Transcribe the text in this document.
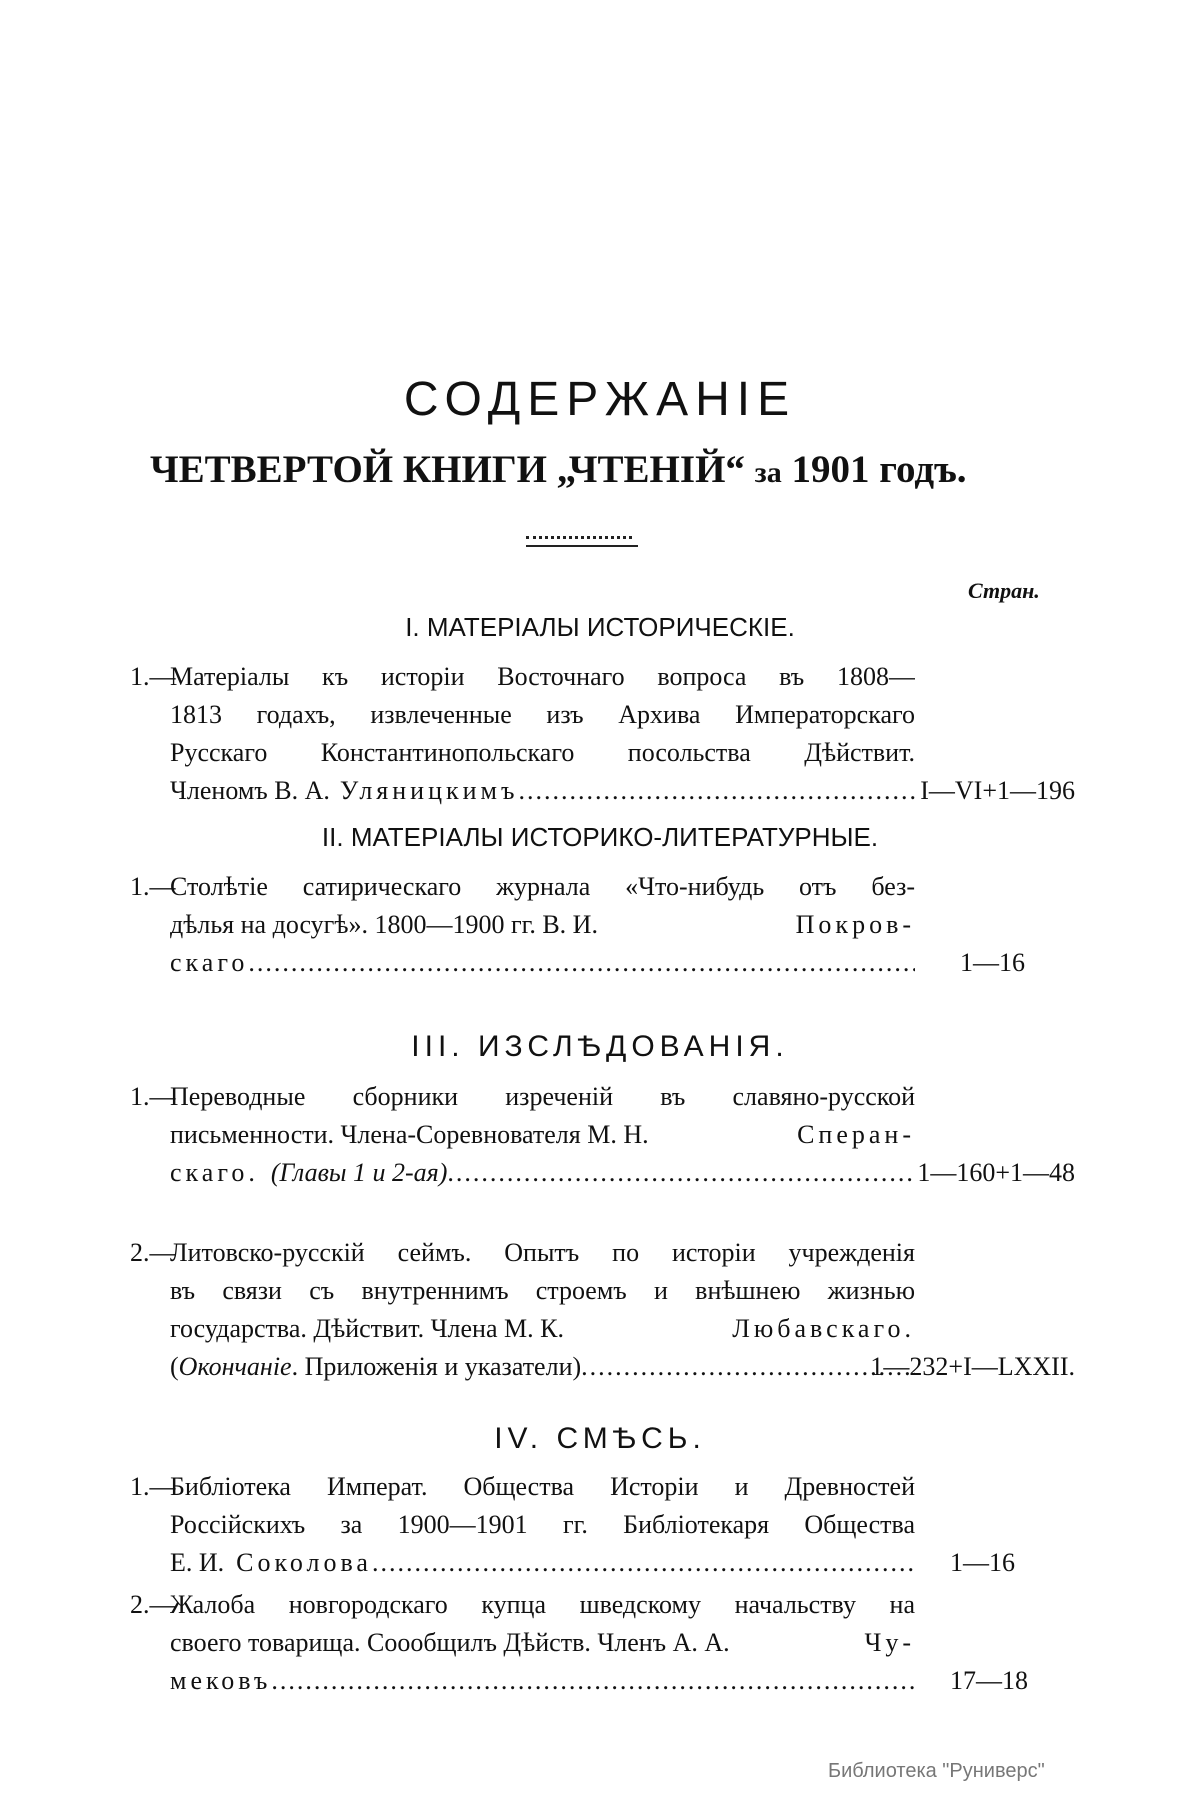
СОДЕРЖАНІЕ
ЧЕТВЕРТОЙ КНИГИ „ЧТЕНІЙ“ за 1901 годъ.
Стран.
I. МАТЕРІАЛЫ ИСТОРИЧЕСКІЕ.
1.—
Матеріалы къ исторіи Восточнаго вопроса въ 1808—
1813 годахъ, извлеченные изъ Архива Императорскаго
Русскаго Константинопольскаго посольства Дѣйствит.
Членомъ В. А. Уляницкимъ .....	I—VI+1—196
II. МАТЕРІАЛЫ ИСТОРИКО-ЛИТЕРАТУРНЫЕ.
1.—
Столѣтіе сатирическаго журнала «Что-нибудь отъ без-
дѣлья на досугѣ». 1800—1900 гг. В. И.	Покров-
скаго .....	1—16
III. ИЗСЛѢДОВАНІЯ.
1.—
Переводные сборники изреченій въ славяно-русской
письменности. Члена-Соревнователя М. Н.	Сперан-
скаго. (Главы 1 и 2-ая) .....	1—160+1—48
2.—
Литовско-русскій сеймъ. Опытъ по исторіи учрежденія
въ связи съ внутреннимъ строемъ и внѣшнею жизнью
государства. Дѣйствит. Члена М. К.	Любавскаго.
( Окончаніе . Приложенія и указатели) .....	1—232+I—LXXII.
IV. СМѢСЬ.
1.—
Библіотека Императ. Общества Исторіи и Древностей
Россійскихъ за 1900—1901 гг. Библіотекаря Общества
Е. И. Соколова .....	1—16
2.—
Жалоба новгородскаго купца шведскому начальству на
своего товарища. Сооoбщилъ Дѣйств. Членъ А. А.	Чу-
мековъ .....	17—18
Библиотека "Руниверс"
